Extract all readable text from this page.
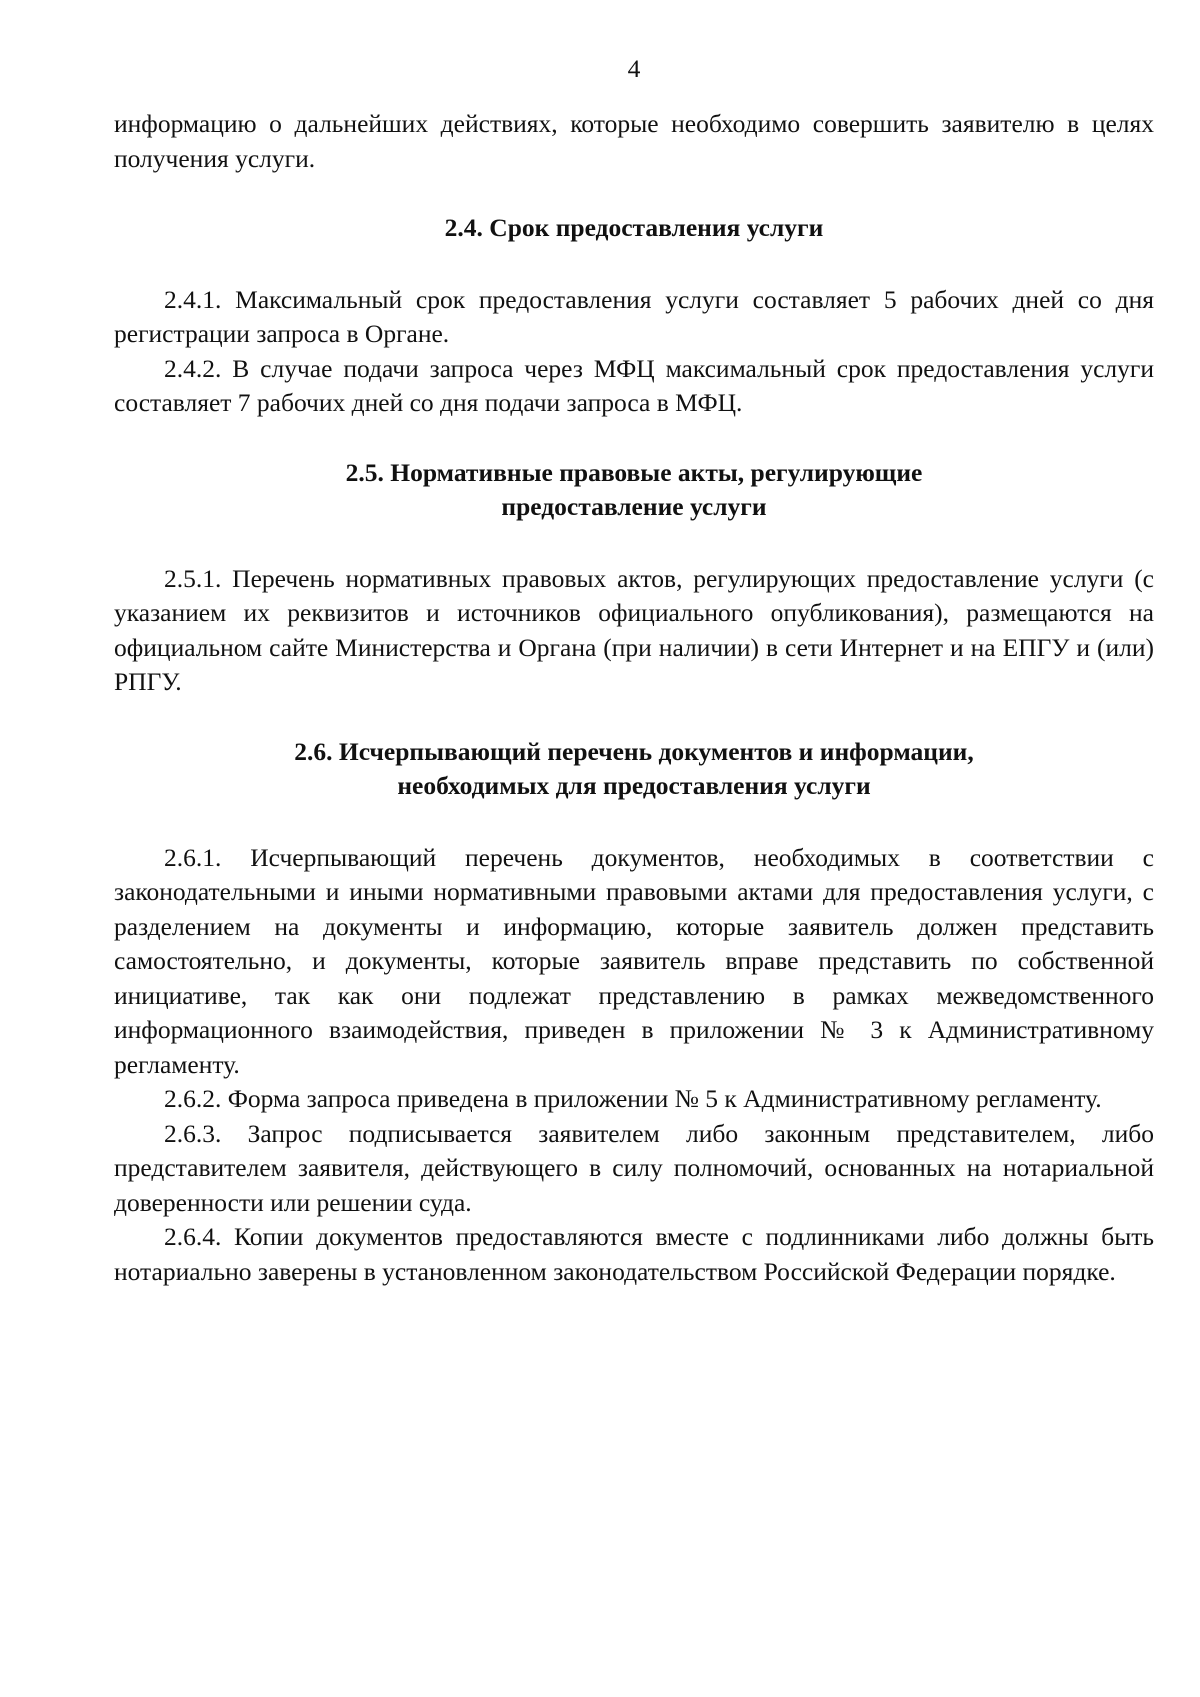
4

информацию о дальнейших действиях, которые необходимо совершить заявителю в целях получения услуги.

2.4. Срок предоставления услуги

2.4.1. Максимальный срок предоставления услуги составляет 5 рабочих дней со дня регистрации запроса в Органе.

2.4.2. В случае подачи запроса через МФЦ максимальный срок предоставления услуги составляет 7 рабочих дней со дня подачи запроса в МФЦ.

2.5. Нормативные правовые акты, регулирующие
предоставление услуги

2.5.1. Перечень нормативных правовых актов, регулирующих предоставление услуги (с указанием их реквизитов и источников официального опубликования), размещаются на официальном сайте Министерства и Органа (при наличии) в сети Интернет и на ЕПГУ и (или) РПГУ.

2.6. Исчерпывающий перечень документов и информации,
необходимых для предоставления услуги

2.6.1. Исчерпывающий перечень документов, необходимых в соответствии с законодательными и иными нормативными правовыми актами для предоставления услуги, с разделением на документы и информацию, которые заявитель должен представить самостоятельно, и документы, которые заявитель вправе представить по собственной инициативе, так как они подлежат представлению в рамках межведомственного информационного взаимодействия, приведен в приложении № 3 к Административному регламенту.

2.6.2. Форма запроса приведена в приложении № 5 к Административному регламенту.

2.6.3. Запрос подписывается заявителем либо законным представителем, либо представителем заявителя, действующего в силу полномочий, основанных на нотариальной доверенности или решении суда.

2.6.4. Копии документов предоставляются вместе с подлинниками либо должны быть нотариально заверены в установленном законодательством Российской Федерации порядке.
